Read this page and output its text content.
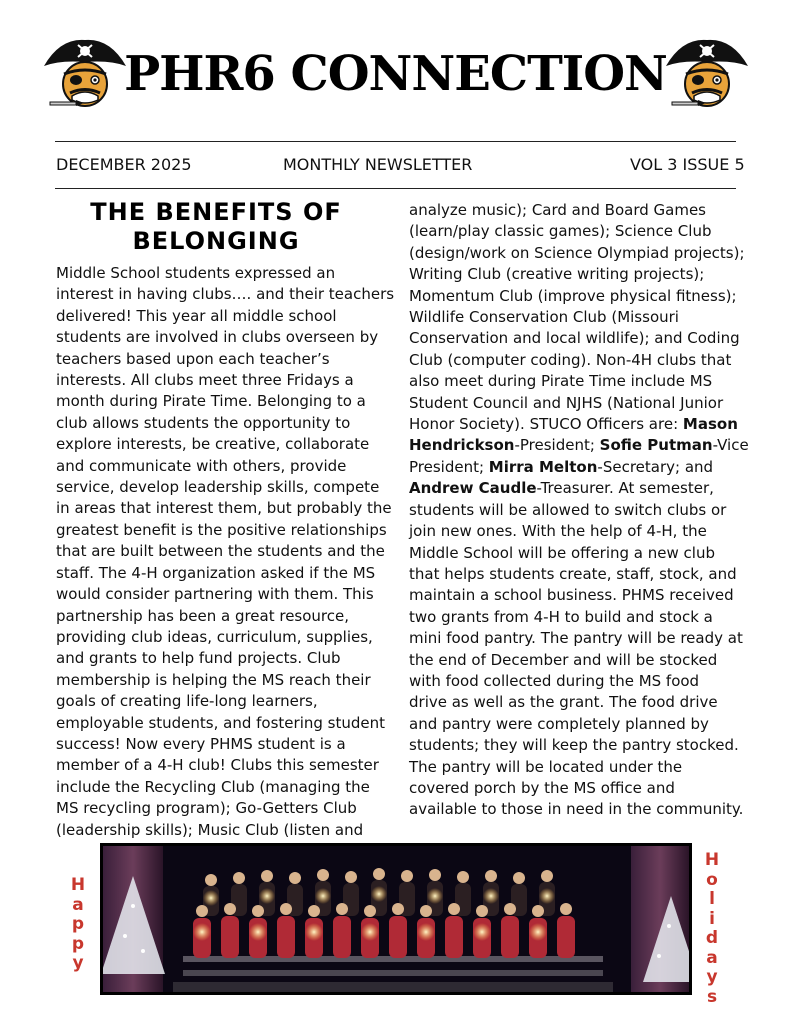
PHR6 CONNECTION
DECEMBER 2025	MONTHLY NEWSLETTER	VOL 3 ISSUE 5
THE BENEFITS OF
BELONGING
Middle School students expressed an
interest in having clubs…. and their teachers
delivered! This year all middle school
students are involved in clubs overseen by
teachers based upon each teacher’s
interests. All clubs meet three Fridays a
month during Pirate Time. Belonging to a
club allows students the opportunity to
explore interests, be creative, collaborate
and communicate with others, provide
service, develop leadership skills, compete
in areas that interest them, but probably the
greatest benefit is the positive relationships
that are built between the students and the
staff. The 4-H organization asked if the MS
would consider partnering with them. This
partnership has been a great resource,
providing club ideas, curriculum, supplies,
and grants to help fund projects. Club
membership is helping the MS reach their
goals of creating life-long learners,
employable students, and fostering student
success! Now every PHMS student is a
member of a 4-H club! Clubs this semester
include the Recycling Club (managing the
MS recycling program); Go-Getters Club
(leadership skills); Music Club (listen and
analyze music); Card and Board Games
(learn/play classic games); Science Club
(design/work on Science Olympiad projects);
Writing Club (creative writing projects);
Momentum Club (improve physical fitness);
Wildlife Conservation Club (Missouri
Conservation and local wildlife); and Coding
Club (computer coding). Non-4H clubs that
also meet during Pirate Time include MS
Student Council and NJHS (National Junior
Honor Society). STUCO Officers are: Mason
Hendrickson-President; Sofie Putman-Vice
President; Mirra Melton-Secretary; and
Andrew Caudle-Treasurer. At semester,
students will be allowed to switch clubs or
join new ones. With the help of 4-H, the
Middle School will be offering a new club
that helps students create, staff, stock, and
maintain a school business. PHMS received
two grants from 4-H to build and stock a
mini food pantry. The pantry will be ready at
the end of December and will be stocked
with food collected during the MS food
drive as well as the grant. The food drive
and pantry were completely planned by
students; they will keep the pantry stocked.
The pantry will be located under the
covered porch by the MS office and
available to those in need in the community.
H
a
p
p
y
H
o
l
i
d
a
y
s
